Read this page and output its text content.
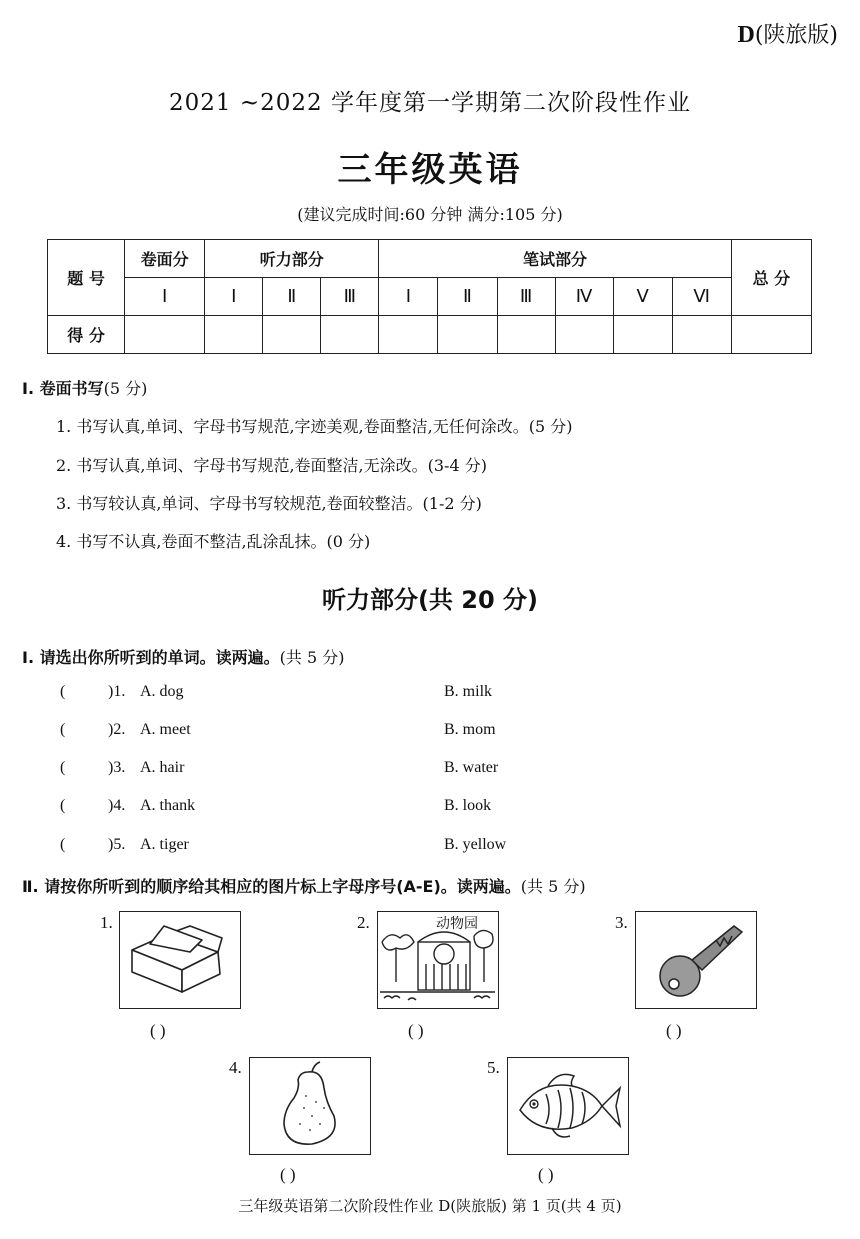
D(陕旅版)
2021 ~2022 学年度第一学期第二次阶段性作业
三年级英语
(建议完成时间:60 分钟 满分:105 分)
题 号	卷面分	听力部分			笔试部分						总 分
	Ⅰ	Ⅰ	Ⅱ	Ⅲ	Ⅰ	Ⅱ	Ⅲ	Ⅳ	Ⅴ	Ⅵ	
得 分											
Ⅰ. 卷面书写(5 分)
1. 书写认真,单词、字母书写规范,字迹美观,卷面整洁,无任何涂改。(5 分)
2. 书写认真,单词、字母书写规范,卷面整洁,无涂改。(3-4 分)
3. 书写较认真,单词、字母书写较规范,卷面较整洁。(1-2 分)
4. 书写不认真,卷面不整洁,乱涂乱抹。(0 分)
听力部分(共 20 分)
Ⅰ. 请选出你所听到的单词。读两遍。(共 5 分)
(	)1. A. dog	B. milk
(	)2. A. meet	B. mom
(	)3. A. hair	B. water
(	)4. A. thank	B. look
(	)5. A. tiger	B. yellow
Ⅱ. 请按你所听到的顺序给其相应的图片标上字母序号(A-E)。读两遍。(共 5 分)
1.
( )
2.	动物园
( )
3.
( )
4.
( )
5.
( )
三年级英语第二次阶段性作业 D(陕旅版) 第 1 页(共 4 页)
